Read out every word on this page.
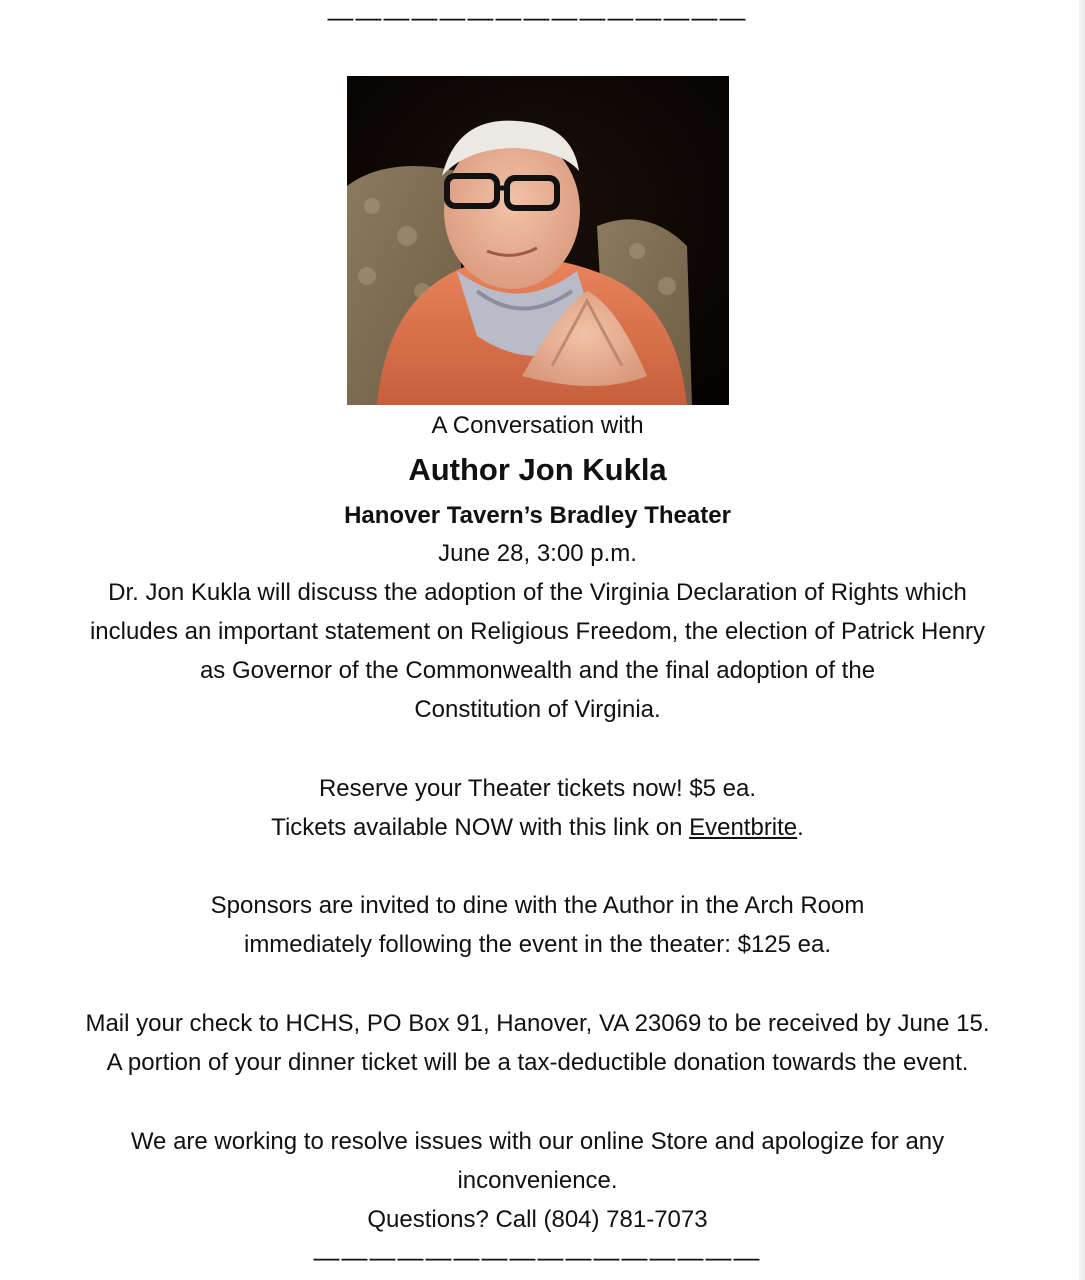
———————————————
A Conversation with
Author Jon Kukla
Hanover Tavern’s Bradley Theater
June 28, 3:00 p.m.
Dr. Jon Kukla will discuss the adoption of the Virginia Declaration of Rights which
includes an important statement on Religious Freedom, the election of Patrick Henry
as Governor of the Commonwealth and the final adoption of the
Constitution of Virginia.
Reserve your Theater tickets now! $5 ea.
Tickets available NOW with this link on Eventbrite.
Sponsors are invited to dine with the Author in the Arch Room
immediately following the event in the theater: $125 ea.
Mail your check to HCHS, PO Box 91, Hanover, VA 23069 to be received by June 15.
A portion of your dinner ticket will be a tax-deductible donation towards the event.
We are working to resolve issues with our online Store and apologize for any
inconvenience.
Questions? Call (804) 781-7073
————————————————
